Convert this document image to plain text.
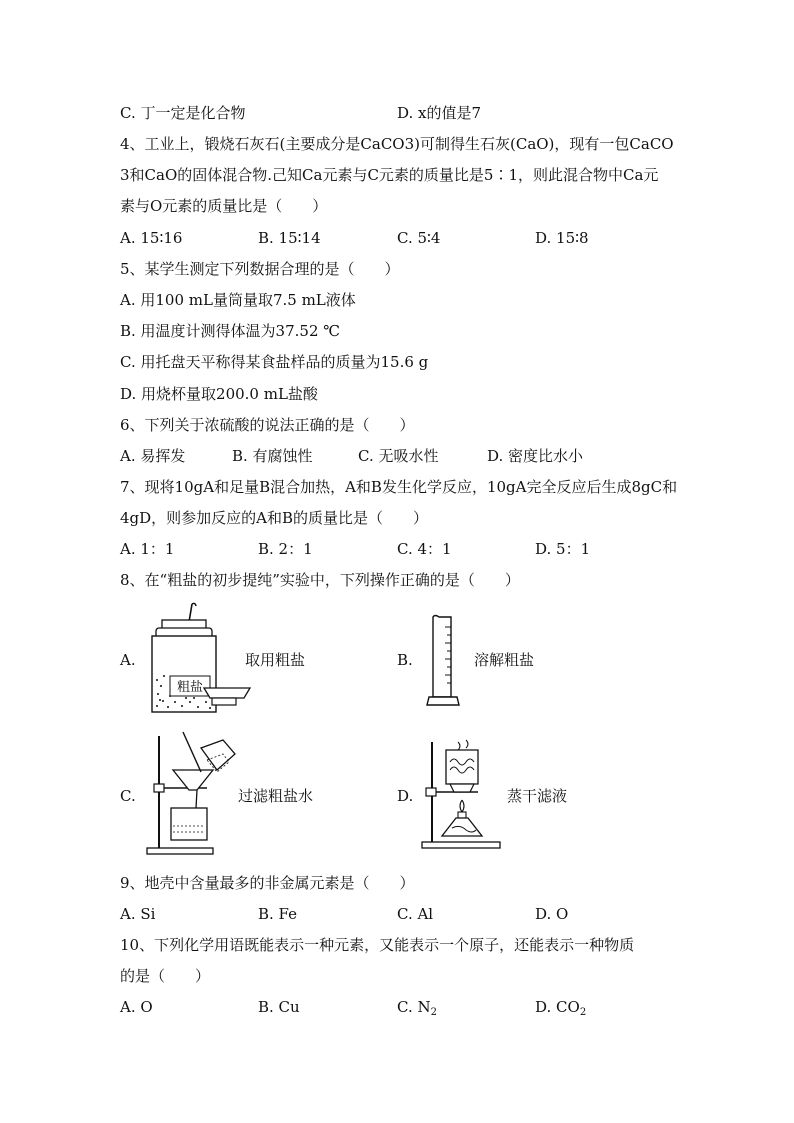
C. 丁一定是化合物	D. x的值是7
4、工业上，锻烧石灰石(主要成分是CaCO3)可制得生石灰(CaO)，现有一包CaCO
3和CaO的固体混合物.己知Ca元素与C元素的质量比是5∶1，则此混合物中Ca元
素与O元素的质量比是（　　）
A. 15∶16	B. 15∶14	C. 5∶4	D. 15∶8
5、某学生测定下列数据合理的是（　　）
A. 用100 mL量筒量取7.5 mL液体
B. 用温度计测得体温为37.52 ℃
C. 用托盘天平称得某食盐样品的质量为15.6 g
D. 用烧杯量取200.0 mL盐酸
6、下列关于浓硫酸的说法正确的是（　　）
A. 易挥发	B. 有腐蚀性	C. 无吸水性	D. 密度比水小
7、现将10gA和足量B混合加热，A和B发生化学反应，10gA完全反应后生成8gC和
4gD，则参加反应的A和B的质量比是（　　）
A. 1：1	B. 2：1	C. 4：1	D. 5：1
8、在“粗盐的初步提纯”实验中，下列操作正确的是（　　）
A.
粗盐
取用粗盐	B.	溶解粗盐
C.	过滤粗盐水	D.	蒸干滤液
9、地壳中含量最多的非金属元素是（　　）
A. Si	B. Fe	C. Al	D. O
10、下列化学用语既能表示一种元素，又能表示一个原子，还能表示一种物质
的是（　　）
A. O	B. Cu	C. $N_2$	D. $CO_2$
